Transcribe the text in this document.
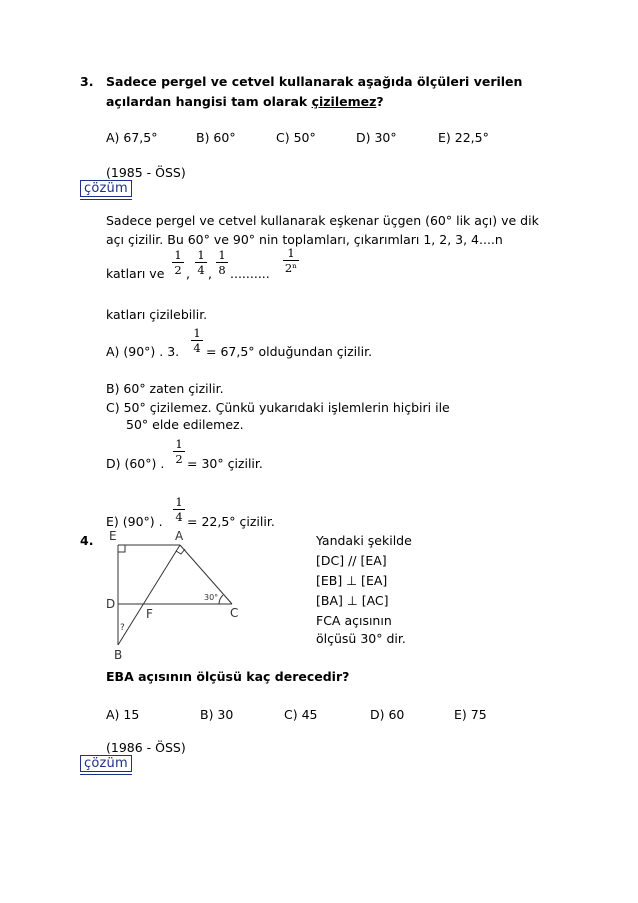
3. Sadece pergel ve cetvel kullanarak aşağıda ölçüleri verilen
açılardan hangisi tam olarak çizilemez?
A) 67,5°	B) 60°	C) 50°	D) 30°	E) 22,5°
(1985 - ÖSS)
çözüm
Sadece pergel ve cetvel kullanarak eşkenar üçgen (60° lik açı) ve dik
açı çizilir. Bu 60° ve 90° nin toplamları, çıkarımları 1, 2, 3, 4....n
$\frac{1}{2} \frac{1}{4} \frac{1}{8}$	$\frac{1}{\text{2ⁿ}}$
katları ve , , ..........
katları çizilebilir.
$\frac{1}{4}$
A) (90°) . 3. = 67,5° olduğundan çizilir.
B) 60° zaten çizilir.
C) 50° çizilemez. Çünkü yukarıdaki işlemlerin hiçbiri ile
50° elde edilemez.
$\frac{1}{2}$
D) (60°) . = 30° çizilir.
$\frac{1}{4}$
E) (90°) . = 22,5° çizilir.
4. E	A
D
F	C
B
30°
?
Yandaki şekilde
[DC] // [EA]
[EB] ⊥ [EA]
[BA] ⊥ [AC]
FCA açısının
ölçüsü 30° dir.
EBA açısının ölçüsü kaç derecedir?
A) 15	B) 30	C) 45	D) 60	E) 75
(1986 - ÖSS)
çözüm
